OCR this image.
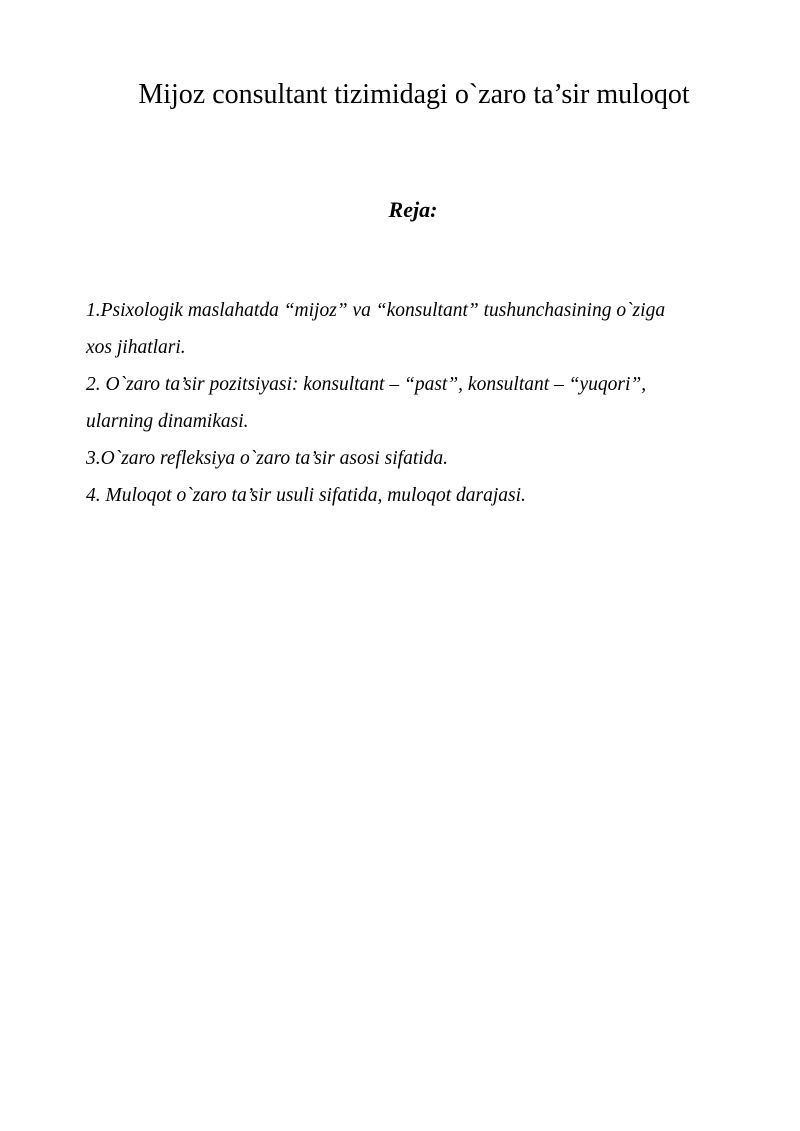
Mijoz consultant tizimidagi o`zaro ta’sir muloqot

Reja:

1.Psixologik maslahatda “mijoz” va “konsultant” tushunchasining o`ziga
xos jihatlari.
2. O`zaro ta’sir pozitsiyasi: konsultant – “past”, konsultant – “yuqori”,
ularning dinamikasi.
3.O`zaro refleksiya o`zaro ta’sir asosi sifatida.
4. Muloqot o`zaro ta’sir usuli sifatida, muloqot darajasi.
